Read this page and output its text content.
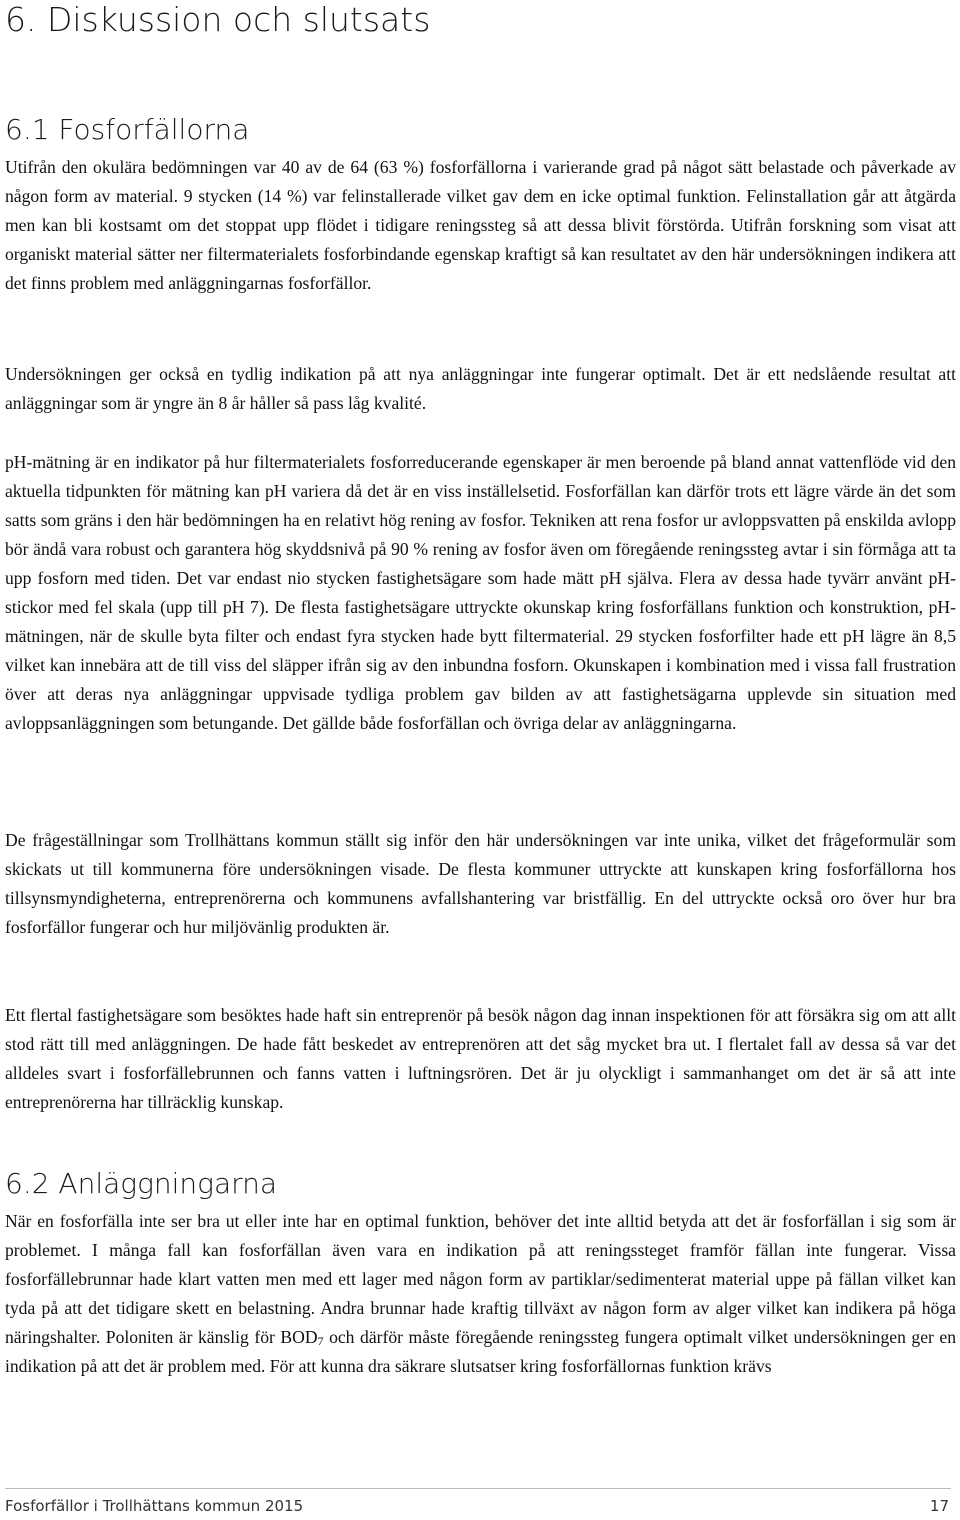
6. Diskussion och slutsats
6.1 Fosforfällorna

Utifrån den okulära bedömningen var 40 av de 64 (63 %) fosforfällorna i varierande grad på något sätt belastade och påverkade av någon form av material. 9 stycken (14 %) var felinstallerade vilket gav dem en icke optimal funktion. Felinstallation går att åtgärda men kan bli kostsamt om det stoppat upp flödet i tidigare reningssteg så att dessa blivit förstörda. Utifrån forskning som visat att organiskt material sätter ner filtermaterialets fosforbindande egenskap kraftigt så kan resultatet av den här undersökningen indikera att det finns problem med anläggningarnas fosforfällor.

Undersökningen ger också en tydlig indikation på att nya anläggningar inte fungerar optimalt. Det är ett nedslående resultat att anläggningar som är yngre än 8 år håller så pass låg kvalité.

pH-mätning är en indikator på hur filtermaterialets fosforreducerande egenskaper är men beroende på bland annat vattenflöde vid den aktuella tidpunkten för mätning kan pH variera då det är en viss inställelsetid. Fosforfällan kan därför trots ett lägre värde än det som satts som gräns i den här bedömningen ha en relativt hög rening av fosfor. Tekniken att rena fosfor ur avloppsvatten på enskilda avlopp bör ändå vara robust och garantera hög skyddsnivå på 90 % rening av fosfor även om föregående reningssteg avtar i sin förmåga att ta upp fosforn med tiden. Det var endast nio stycken fastighetsägare som hade mätt pH själva. Flera av dessa hade tyvärr använt pH-stickor med fel skala (upp till pH 7). De flesta fastighetsägare uttryckte okunskap kring fosforfällans funktion och konstruktion, pH-mätningen, när de skulle byta filter och endast fyra stycken hade bytt filtermaterial. 29 stycken fosforfilter hade ett pH lägre än 8,5 vilket kan innebära att de till viss del släpper ifrån sig av den inbundna fosforn. Okunskapen i kombination med i vissa fall frustration över att deras nya anläggningar uppvisade tydliga problem gav bilden av att fastighetsägarna upplevde sin situation med avloppsanläggningen som betungande. Det gällde både fosforfällan och övriga delar av anläggningarna.

De frågeställningar som Trollhättans kommun ställt sig inför den här undersökningen var inte unika, vilket det frågeformulär som skickats ut till kommunerna före undersökningen visade. De flesta kommuner uttryckte att kunskapen kring fosforfällorna hos tillsynsmyndigheterna, entreprenörerna och kommunens avfallshantering var bristfällig. En del uttryckte också oro över hur bra fosforfällor fungerar och hur miljövänlig produkten är.

Ett flertal fastighetsägare som besöktes hade haft sin entreprenör på besök någon dag innan inspektionen för att försäkra sig om att allt stod rätt till med anläggningen. De hade fått beskedet av entreprenören att det såg mycket bra ut. I flertalet fall av dessa så var det alldeles svart i fosforfällebrunnen och fanns vatten i luftningsrören. Det är ju olyckligt i sammanhanget om det är så att inte entreprenörerna har tillräcklig kunskap.

6.2 Anläggningarna

När en fosforfälla inte ser bra ut eller inte har en optimal funktion, behöver det inte alltid betyda att det är fosforfällan i sig som är problemet. I många fall kan fosforfällan även vara en indikation på att reningssteget framför fällan inte fungerar. Vissa fosforfällebrunnar hade klart vatten men med ett lager med någon form av partiklar/sedimenterat material uppe på fällan vilket kan tyda på att det tidigare skett en belastning. Andra brunnar hade kraftig tillväxt av någon form av alger vilket kan indikera på höga näringshalter. Poloniten är känslig för $BOD_7$ och därför måste föregående reningssteg fungera optimalt vilket undersökningen ger en indikation på att det är problem med. För att kunna dra säkrare slutsatser kring fosforfällornas funktion krävs

Fosforfällor i Trollhättans kommun 2015	17
